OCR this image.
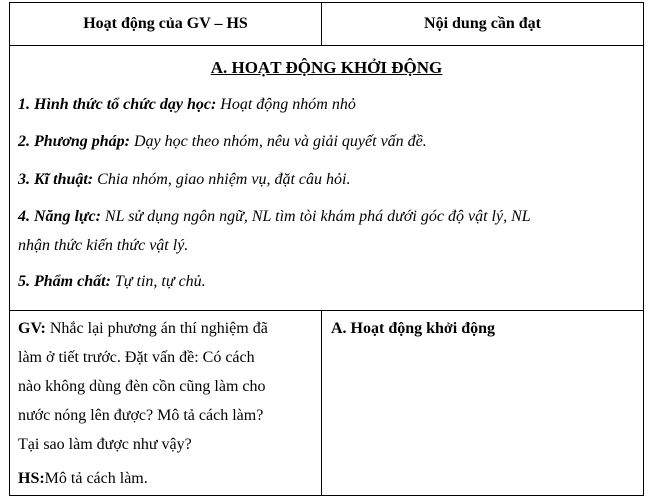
Hoạt động của GV – HS	Nội dung cần đạt
A. HOẠT ĐỘNG KHỞI ĐỘNG
1. Hình thức tổ chức dạy học: Hoạt động nhóm nhỏ
2. Phương pháp: Dạy học theo nhóm, nêu và giải quyết vấn đề.
3. Kĩ thuật: Chia nhóm, giao nhiệm vụ, đặt câu hỏi.
4. Năng lực: NL sử dụng ngôn ngữ, NL tìm tòi khám phá dưới góc độ vật lý, NL
nhận thức kiến thức vật lý.
5. Phẩm chất: Tự tin, tự chủ.
GV: Nhắc lại phương án thí nghiệm đã
làm ở tiết trước. Đặt vấn đề: Có cách
nào không dùng đèn cồn cũng làm cho
nước nóng lên được? Mô tả cách làm?
Tại sao làm được như vậy?
HS: Mô tả cách làm.
A. Hoạt động khởi động
